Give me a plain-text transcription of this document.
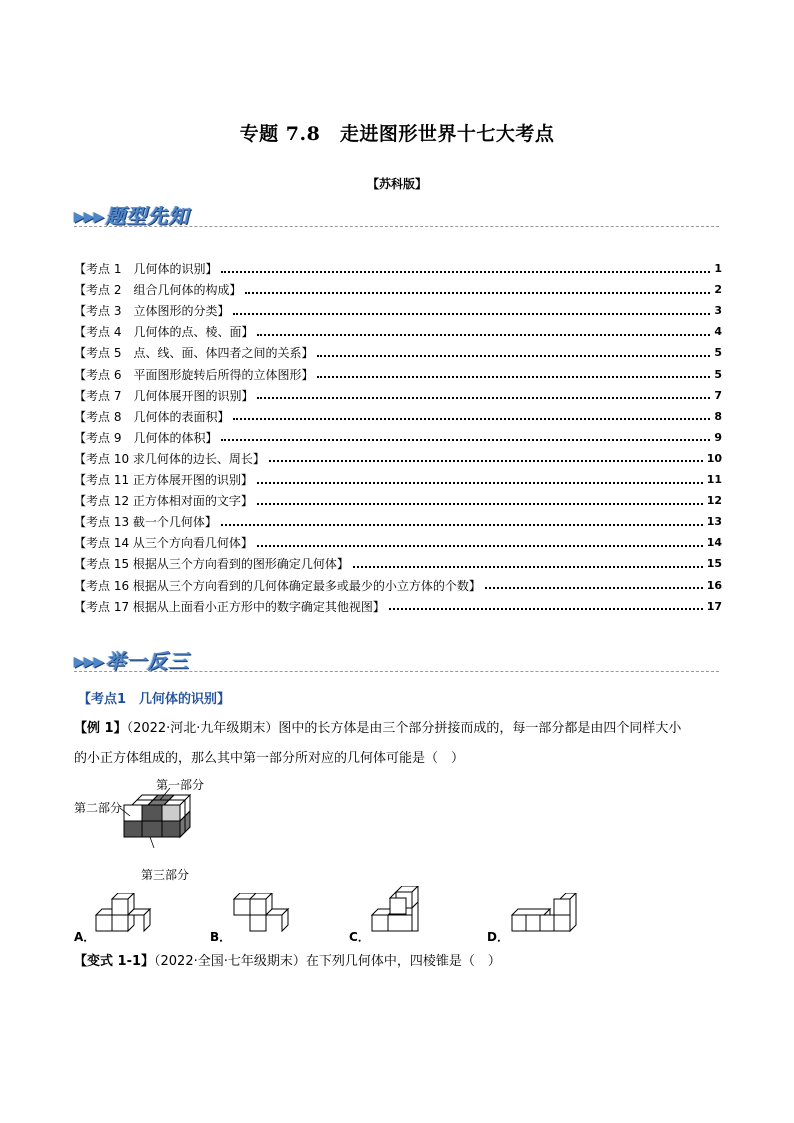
专题 7.8　走进图形世界十七大考点
【苏科版】
▶▶▶ 题型先知
【考点 1　几何体的识别】	1
【考点 2　组合几何体的构成】	2
【考点 3　立体图形的分类】	3
【考点 4　几何体的点、棱、面】	4
【考点 5　点、线、面、体四者之间的关系】	5
【考点 6　平面图形旋转后所得的立体图形】	5
【考点 7　几何体展开图的识别】	7
【考点 8　几何体的表面积】	8
【考点 9　几何体的体积】	9
【考点 10 求几何体的边长、周长】	10
【考点 11 正方体展开图的识别】	11
【考点 12 正方体相对面的文字】	12
【考点 13 截一个几何体】	13
【考点 14 从三个方向看几何体】	14
【考点 15 根据从三个方向看到的图形确定几何体】	15
【考点 16 根据从三个方向看到的几何体确定最多或最少的小立方体的个数】	16
【考点 17 根据从上面看小正方形中的数字确定其他视图】	17
▶▶▶ 举一反三
【考点1　几何体的识别】
【例 1】（2022·河北·九年级期末）图中的长方体是由三个部分拼接而成的，每一部分都是由四个同样大小
的小正方体组成的，那么其中第一部分所对应的几何体可能是（　）
第一部分
第二部分
第三部分
A．	B．	C．	D．
【变式 1-1】（2022·全国·七年级期末）在下列几何体中，四棱锥是（　）
